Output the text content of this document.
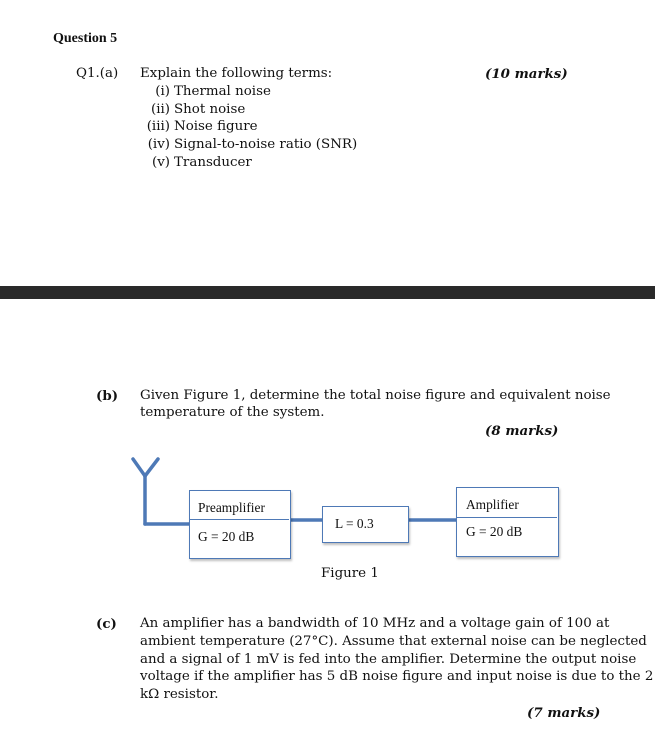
Question 5
Q1.(a) Explain the following terms:	(10 marks)
(i) Thermal noise
(ii) Shot noise
(iii) Noise figure
(iv) Signal-to-noise ratio (SNR)
(v) Transducer
(b) Given Figure 1, determine the total noise figure and equivalent noise
temperature of the system.
(8 marks)
Preamplifier
G = 20 dB
L = 0.3
Amplifier
G = 20 dB
Figure 1
(c) An amplifier has a bandwidth of 10 MHz and a voltage gain of 100 at
ambient temperature (27°C). Assume that external noise can be neglected
and a signal of 1 mV is fed into the amplifier. Determine the output noise
voltage if the amplifier has 5 dB noise figure and input noise is due to the 2
kΩ resistor.
(7 marks)
